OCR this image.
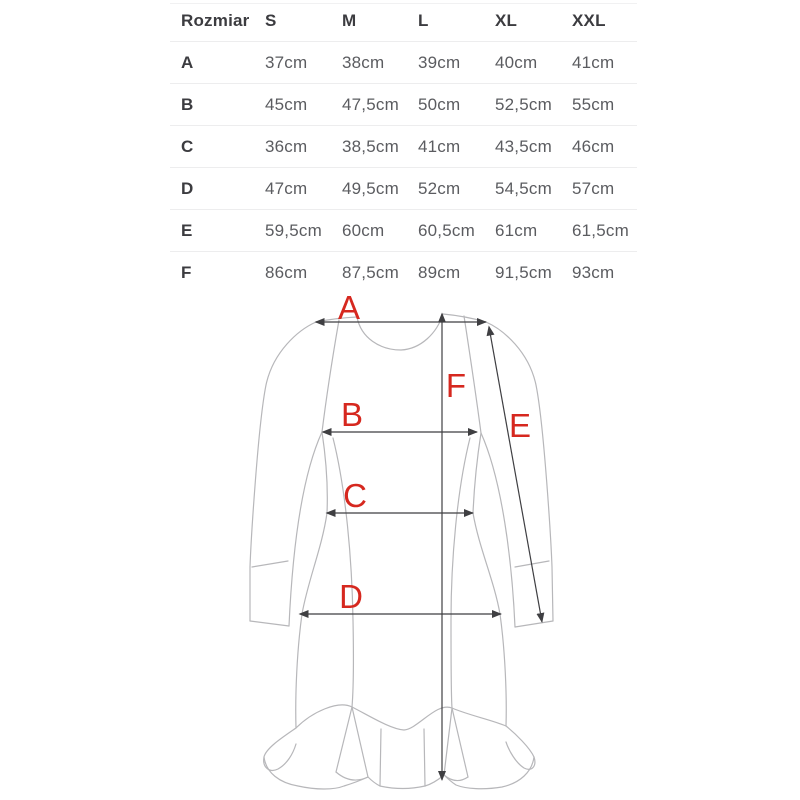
Rozmiar S	M	L	XL	XXL
A	37cm	38cm	39cm	40cm	41cm
B	45cm	47,5cm	50cm	52,5cm	55cm
C	36cm	38,5cm	41cm	43,5cm	46cm
D	47cm	49,5cm	52cm	54,5cm	57cm
E	59,5cm	60cm	60,5cm	61cm	61,5cm
F	86cm	87,5cm	89cm	91,5cm	93cm
A
B
C
D
E
F
